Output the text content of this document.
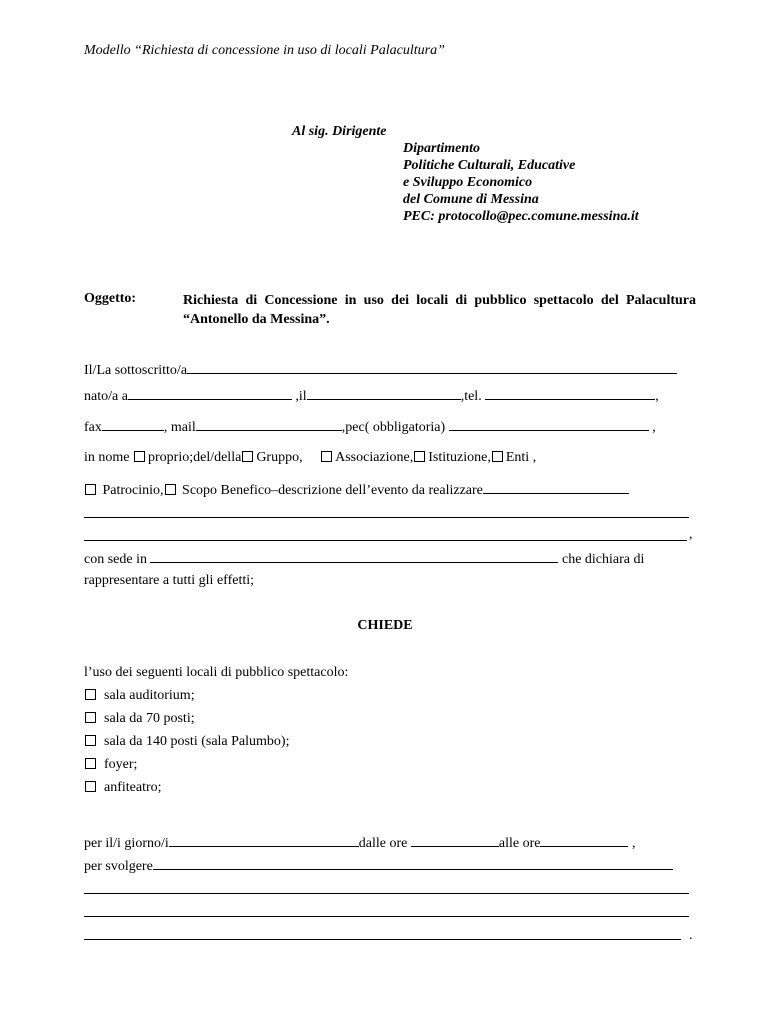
Modello “Richiesta di concessione in uso di locali Palacultura”
Al sig. Dirigente
Dipartimento
Politiche Culturali, Educative
e Sviluppo Economico
del Comune di Messina
PEC: protocollo@pec.comune.messina.it
Oggetto:	Richiesta di Concessione in uso dei locali di pubblico spettacolo del Palacultura “Antonello da Messina”.
Il/La sottoscritto/a
nato/a a	,il	,tel.	,
fax	, mail	,pec( obbligatoria)	,
in nome proprio;del/della Gruppo, Associazione, Istituzione, Enti ,
Patrocinio, Scopo Benefico–descrizione dell’evento da realizzare
,
con sede in	che dichiara di
rappresentare a tutti gli effetti;
CHIEDE
l’uso dei seguenti locali di pubblico spettacolo:
sala auditorium;
sala da 70 posti;
sala da 140 posti (sala Palumbo);
foyer;
anfiteatro;
per il/i giorno/i	dalle ore	alle ore	,
per svolgere
.
